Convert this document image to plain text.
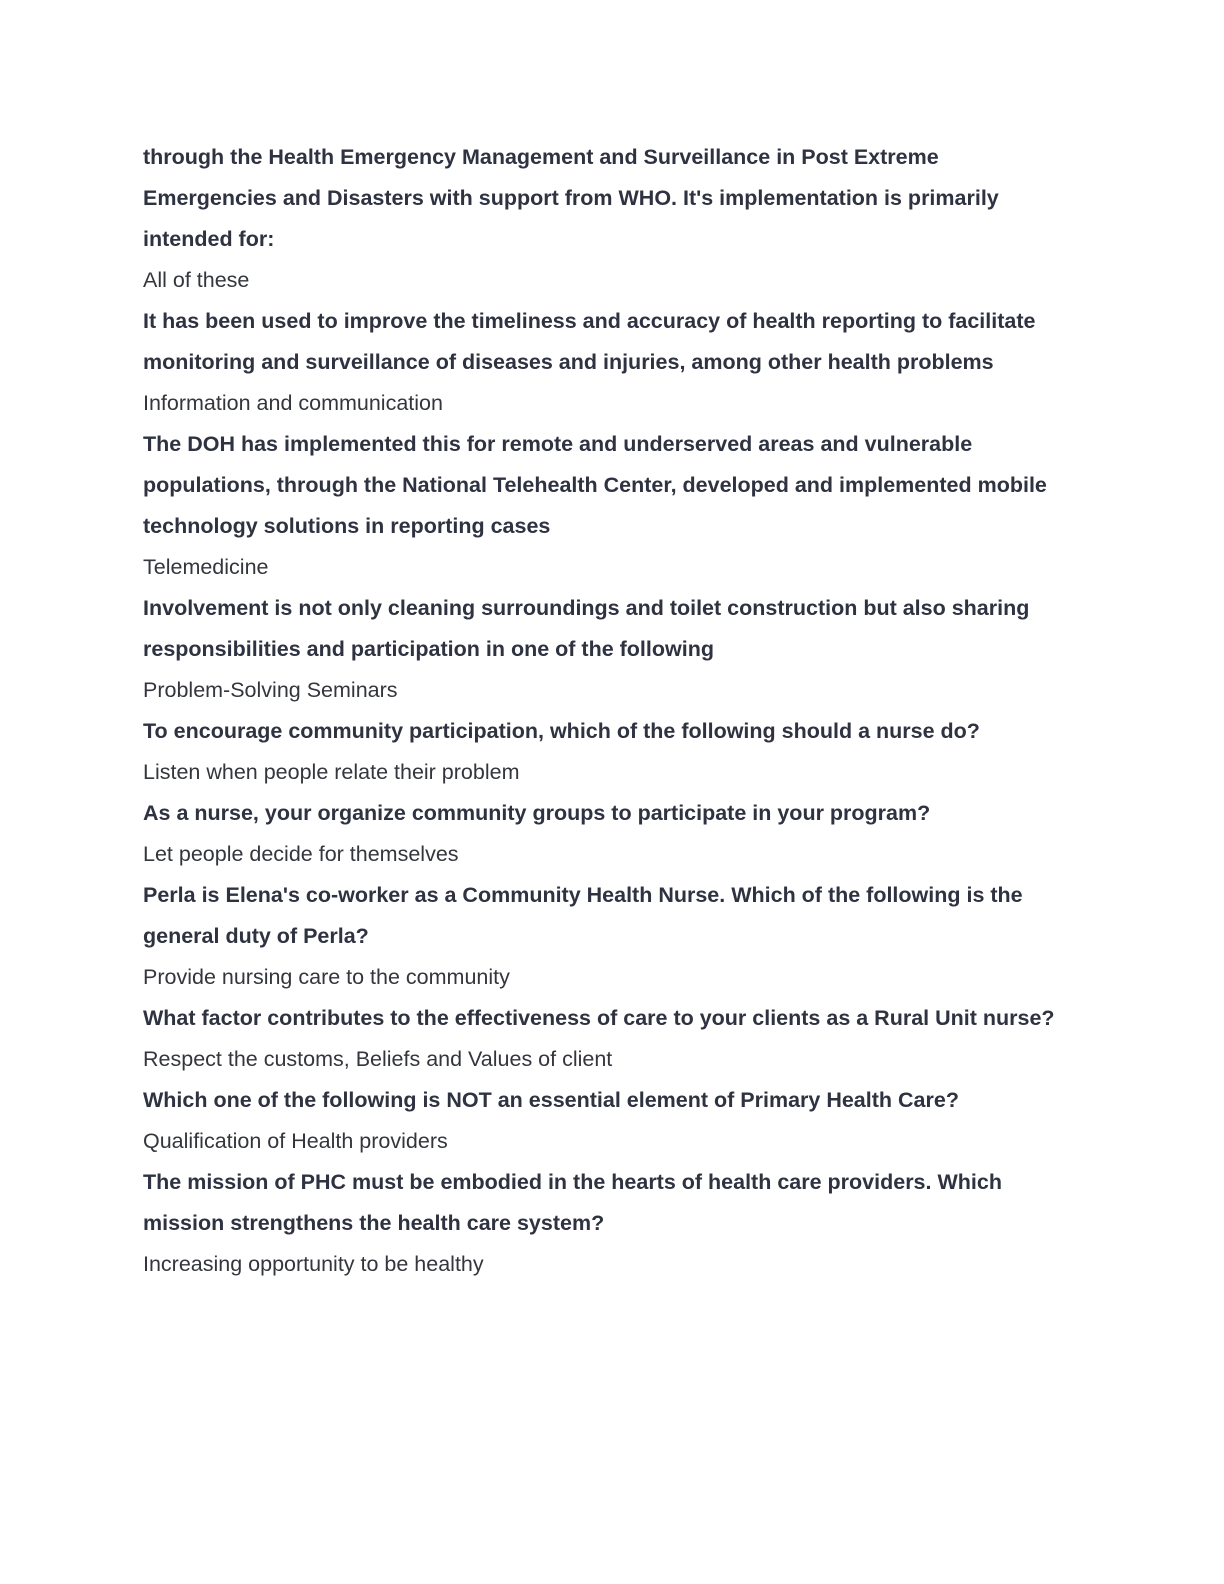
through the Health Emergency Management and Surveillance in Post Extreme Emergencies and Disasters with support from WHO. It's implementation is primarily intended for:

All of these

It has been used to improve the timeliness and accuracy of health reporting to facilitate monitoring and surveillance of diseases and injuries, among other health problems

Information and communication

The DOH has implemented this for remote and underserved areas and vulnerable populations, through the National Telehealth Center, developed and implemented mobile technology solutions in reporting cases

Telemedicine

Involvement is not only cleaning surroundings and toilet construction but also sharing responsibilities and participation in one of the following

Problem-Solving Seminars

To encourage community participation, which of the following should a nurse do?

Listen when people relate their problem

As a nurse, your organize community groups to participate in your program?

Let people decide for themselves

Perla is Elena's co-worker as a Community Health Nurse. Which of the following is the general duty of Perla?

Provide nursing care to the community

What factor contributes to the effectiveness of care to your clients as a Rural Unit nurse?

Respect the customs, Beliefs and Values of client

Which one of the following is NOT an essential element of Primary Health Care?

Qualification of Health providers

The mission of PHC must be embodied in the hearts of health care providers. Which mission strengthens the health care system?

Increasing opportunity to be healthy
